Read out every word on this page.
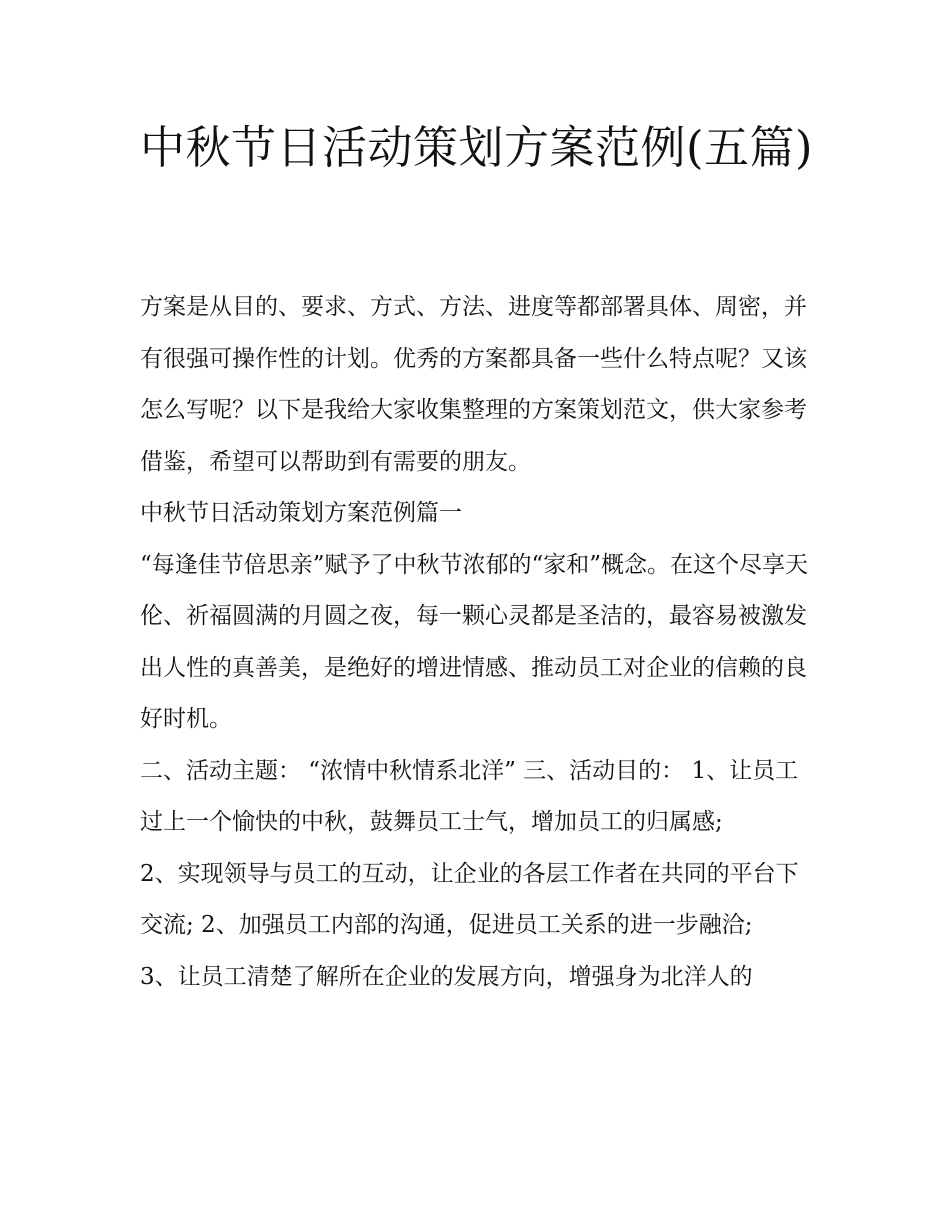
中秋节日活动策划方案范例(五篇)

方案是从目的、要求、方式、方法、进度等都部署具体、周密，并有很强可操作性的计划。优秀的方案都具备一些什么特点呢？又该怎么写呢？以下是我给大家收集整理的方案策划范文，供大家参考借鉴，希望可以帮助到有需要的朋友。

中秋节日活动策划方案范例篇一

“每逢佳节倍思亲”赋予了中秋节浓郁的“家和”概念。在这个尽享天伦、祈福圆满的月圆之夜，每一颗心灵都是圣洁的，最容易被激发出人性的真善美，是绝好的增进情感、推动员工对企业的信赖的良好时机。

二、活动主题： “浓情中秋情系北洋” 三、活动目的： 1、让员工过上一个愉快的中秋，鼓舞员工士气，增加员工的归属感;

2、实现领导与员工的互动，让企业的各层工作者在共同的平台下交流; 2、加强员工内部的沟通，促进员工关系的进一步融洽;

3、让员工清楚了解所在企业的发展方向，增强身为北洋人的
